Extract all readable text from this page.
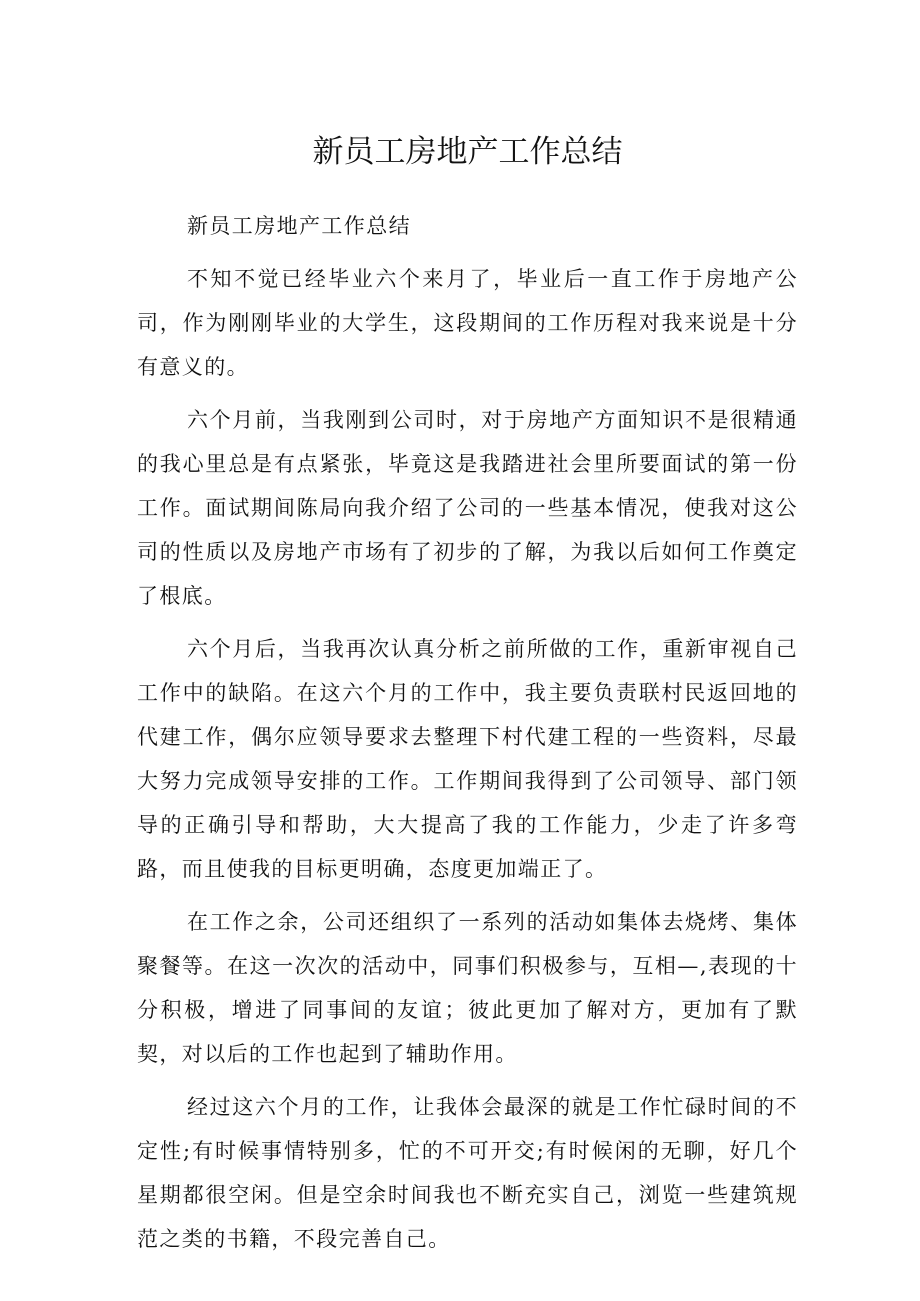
新员工房地产工作总结

新员工房地产工作总结

不知不觉已经毕业六个来月了，毕业后一直工作于房地产公司，作为刚刚毕业的大学生，这段期间的工作历程对我来说是十分有意义的。

六个月前，当我刚到公司时，对于房地产方面知识不是很精通的我心里总是有点紧张，毕竟这是我踏进社会里所要面试的第一份工作。面试期间陈局向我介绍了公司的一些基本情况，使我对这公司的性质以及房地产市场有了初步的了解，为我以后如何工作奠定了根底。

六个月后，当我再次认真分析之前所做的工作，重新审视自己工作中的缺陷。在这六个月的工作中，我主要负责联村民返回地的代建工作，偶尔应领导要求去整理下村代建工程的一些资料，尽最大努力完成领导安排的工作。工作期间我得到了公司领导、部门领导的正确引导和帮助，大大提高了我的工作能力，少走了许多弯路，而且使我的目标更明确，态度更加端正了。

在工作之余，公司还组织了一系列的活动如集体去烧烤、集体聚餐等。在这一次次的活动中，同事们积极参与，互相—,表现的十分积极，增进了同事间的友谊；彼此更加了解对方，更加有了默契，对以后的工作也起到了辅助作用。

经过这六个月的工作，让我体会最深的就是工作忙碌时间的不定性;有时候事情特别多，忙的不可开交;有时候闲的无聊，好几个星期都很空闲。但是空余时间我也不断充实自己，浏览一些建筑规范之类的书籍，不段完善自己。
